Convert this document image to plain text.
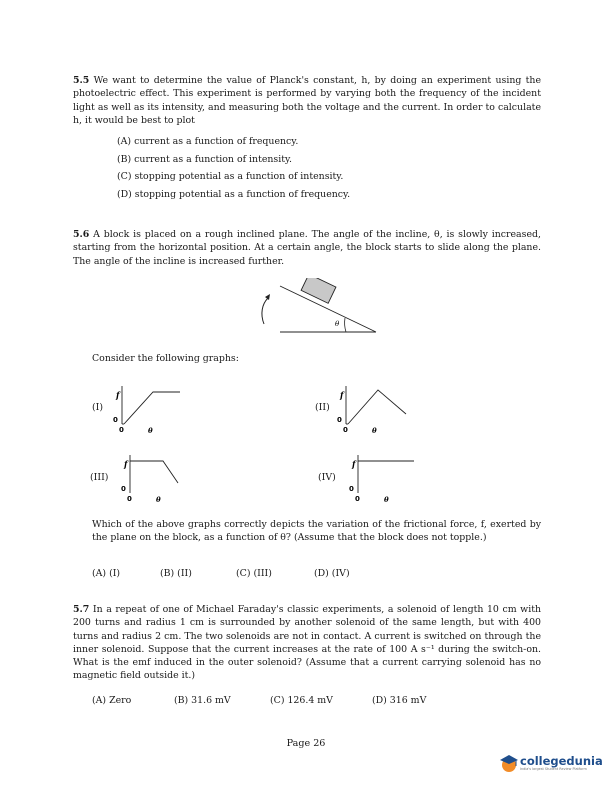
5.5 We want to determine the value of Planck's constant, h, by doing an experiment using the photoelectric effect. This experiment is performed by varying both the frequency of the incident light as well as its intensity, and measuring both the voltage and the current. In order to calculate h, it would be best to plot
(A) current as a function of frequency.
(B) current as a function of intensity.
(C) stopping potential as a function of intensity.
(D) stopping potential as a function of frequency.
5.6 A block is placed on a rough inclined plane. The angle of the incline, θ, is slowly increased, starting from the horizontal position. At a certain angle, the block starts to slide along the plane. The angle of the incline is increased further.
θ
Consider the following graphs:
(I)
f
0
0	θ
(II)
f
0
0	θ
(III)
f
0
0	θ
(IV)
f
0
0	θ
Which of the above graphs correctly depicts the variation of the frictional force, f, exerted by the plane on the block, as a function of θ? (Assume that the block does not topple.)
(A) (I)	(B) (II)	(C) (III)	(D) (IV)
5.7 In a repeat of one of Michael Faraday's classic experiments, a solenoid of length 10 cm with 200 turns and radius 1 cm is surrounded by another solenoid of the same length, but with 400 turns and radius 2 cm. The two solenoids are not in contact. A current is switched on through the inner solenoid. Suppose that the current increases at the rate of 100 A s⁻¹ during the switch-on. What is the emf induced in the outer solenoid? (Assume that a current carrying solenoid has no magnetic field outside it.)
(A) Zero	(B) 31.6 mV	(C) 126.4 mV	(D) 316 mV
Page 26
collegedunia
India's largest Student Review Platform
